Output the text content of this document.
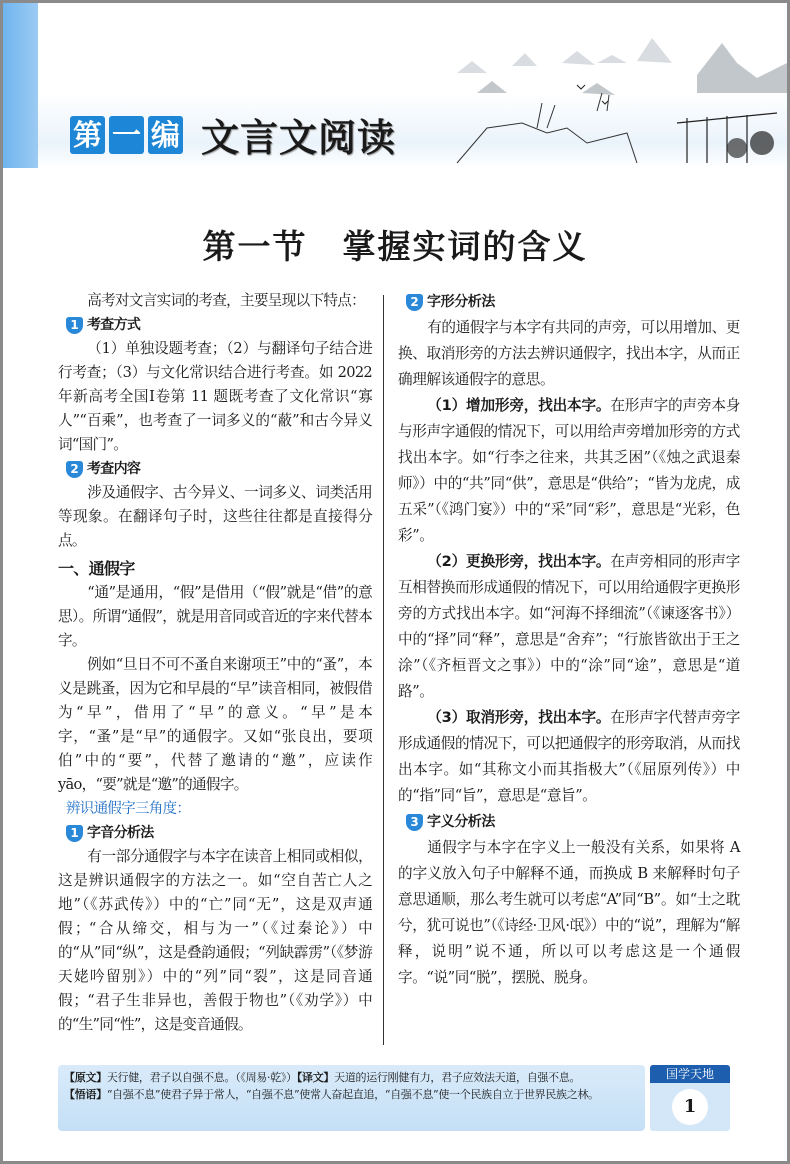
第 一 编 文言文阅读
第一节　掌握实词的含义
高考对文言实词的考查，主要呈现以下特点：
1 考查方式
（1）单独设题考查；（2）与翻译句子结合进行考查；（3）与文化常识结合进行考查。如 2022 年新高考全国Ⅰ卷第 11 题既考查了文化常识“寡人”“百乘”，也考查了一词多义的“蔽”和古今异义词“国门”。
2 考查内容
涉及通假字、古今异义、一词多义、词类活用等现象。在翻译句子时，这些往往都是直接得分点。
一、通假字
“通”是通用，“假”是借用（“假”就是“借”的意思）。所谓“通假”，就是用音同或音近的字来代替本字。
例如“旦日不可不蚤自来谢项王”中的“蚤”，本义是跳蚤，因为它和早晨的“早”读音相同，被假借为“早”，借用了“早”的意义。“早”是本字，“蚤”是“早”的通假字。又如“张良出，要项伯”中的“要”，代替了邀请的“邀”，应读作 yāo，“要”就是“邀”的通假字。
辨识通假字三角度：
1 字音分析法
有一部分通假字与本字在读音上相同或相似，这是辨识通假字的方法之一。如“空自苦亡人之地”（《苏武传》）中的“亡”同“无”，这是双声通假；“合从缔交，相与为一”（《过秦论》）中的“从”同“纵”，这是叠韵通假；“列缺霹雳”（《梦游天姥吟留别》）中的“列”同“裂”，这是同音通假；“君子生非异也，善假于物也”（《劝学》）中的“生”同“性”，这是变音通假。
2 字形分析法
有的通假字与本字有共同的声旁，可以用增加、更换、取消形旁的方法去辨识通假字，找出本字，从而正确理解该通假字的意思。
（1）增加形旁，找出本字。在形声字的声旁本身与形声字通假的情况下，可以用给声旁增加形旁的方式找出本字。如“行李之往来，共其乏困”（《烛之武退秦师》）中的“共”同“供”，意思是“供给”；“皆为龙虎，成五采”（《鸿门宴》）中的“采”同“彩”，意思是“光彩，色彩”。
（2）更换形旁，找出本字。在声旁相同的形声字互相替换而形成通假的情况下，可以用给通假字更换形旁的方式找出本字。如“河海不择细流”（《谏逐客书》）中的“择”同“释”，意思是“舍弃”；“行旅皆欲出于王之涂”（《齐桓晋文之事》）中的“涂”同“途”，意思是“道路”。
（3）取消形旁，找出本字。在形声字代替声旁字形成通假的情况下，可以把通假字的形旁取消，从而找出本字。如“其称文小而其指极大”（《屈原列传》）中的“指”同“旨”，意思是“意旨”。
3 字义分析法
通假字与本字在字义上一般没有关系，如果将 A 的字义放入句子中解释不通，而换成 B 来解释时句子意思通顺，那么考生就可以考虑“A”同“B”。如“士之耽兮，犹可说也”（《诗经·卫风·氓》）中的“说”，理解为“解释，说明”说不通，所以可以考虑这是一个通假字。“说”同“脱”，摆脱、脱身。
【原文】天行健，君子以自强不息。（《周易·乾》）【译文】天道的运行刚健有力，君子应效法天道，自强不息。
【悟语】“自强不息”使君子异于常人，“自强不息”使常人奋起直追，“自强不息”使一个民族自立于世界民族之林。
国学天地
1
